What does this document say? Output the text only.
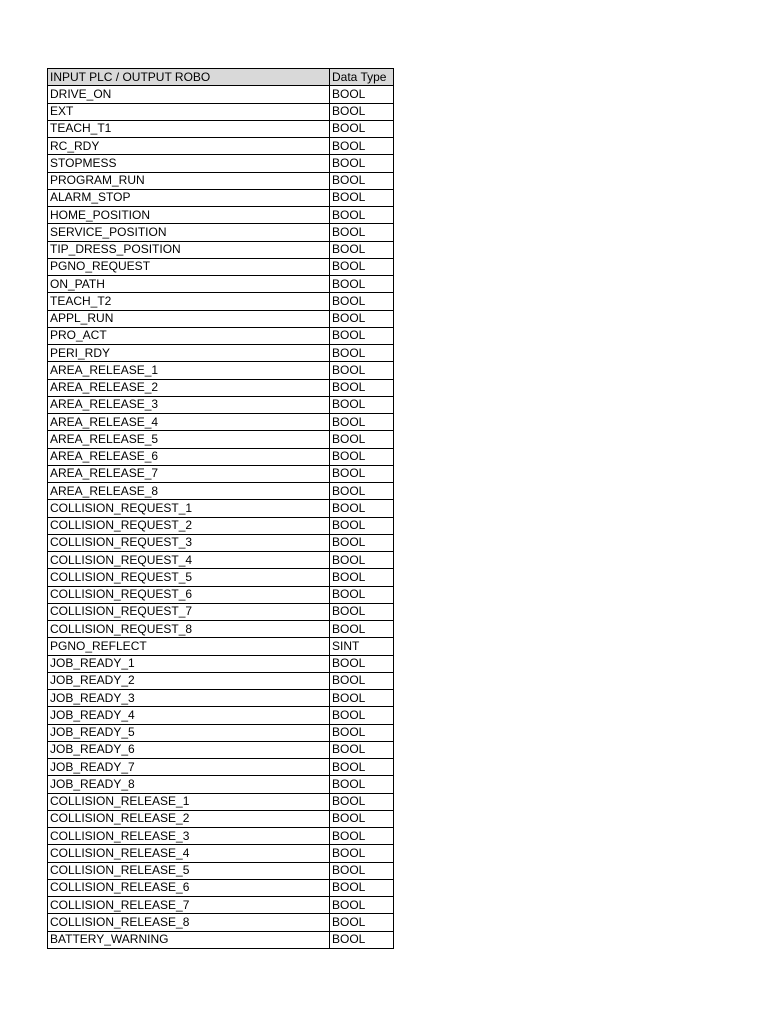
INPUT PLC / OUTPUT ROBO	Data Type
DRIVE_ON	BOOL
EXT	BOOL
TEACH_T1	BOOL
RC_RDY	BOOL
STOPMESS	BOOL
PROGRAM_RUN	BOOL
ALARM_STOP	BOOL
HOME_POSITION	BOOL
SERVICE_POSITION	BOOL
TIP_DRESS_POSITION	BOOL
PGNO_REQUEST	BOOL
ON_PATH	BOOL
TEACH_T2	BOOL
APPL_RUN	BOOL
PRO_ACT	BOOL
PERI_RDY	BOOL
AREA_RELEASE_1	BOOL
AREA_RELEASE_2	BOOL
AREA_RELEASE_3	BOOL
AREA_RELEASE_4	BOOL
AREA_RELEASE_5	BOOL
AREA_RELEASE_6	BOOL
AREA_RELEASE_7	BOOL
AREA_RELEASE_8	BOOL
COLLISION_REQUEST_1	BOOL
COLLISION_REQUEST_2	BOOL
COLLISION_REQUEST_3	BOOL
COLLISION_REQUEST_4	BOOL
COLLISION_REQUEST_5	BOOL
COLLISION_REQUEST_6	BOOL
COLLISION_REQUEST_7	BOOL
COLLISION_REQUEST_8	BOOL
PGNO_REFLECT	SINT
JOB_READY_1	BOOL
JOB_READY_2	BOOL
JOB_READY_3	BOOL
JOB_READY_4	BOOL
JOB_READY_5	BOOL
JOB_READY_6	BOOL
JOB_READY_7	BOOL
JOB_READY_8	BOOL
COLLISION_RELEASE_1	BOOL
COLLISION_RELEASE_2	BOOL
COLLISION_RELEASE_3	BOOL
COLLISION_RELEASE_4	BOOL
COLLISION_RELEASE_5	BOOL
COLLISION_RELEASE_6	BOOL
COLLISION_RELEASE_7	BOOL
COLLISION_RELEASE_8	BOOL
BATTERY_WARNING	BOOL
